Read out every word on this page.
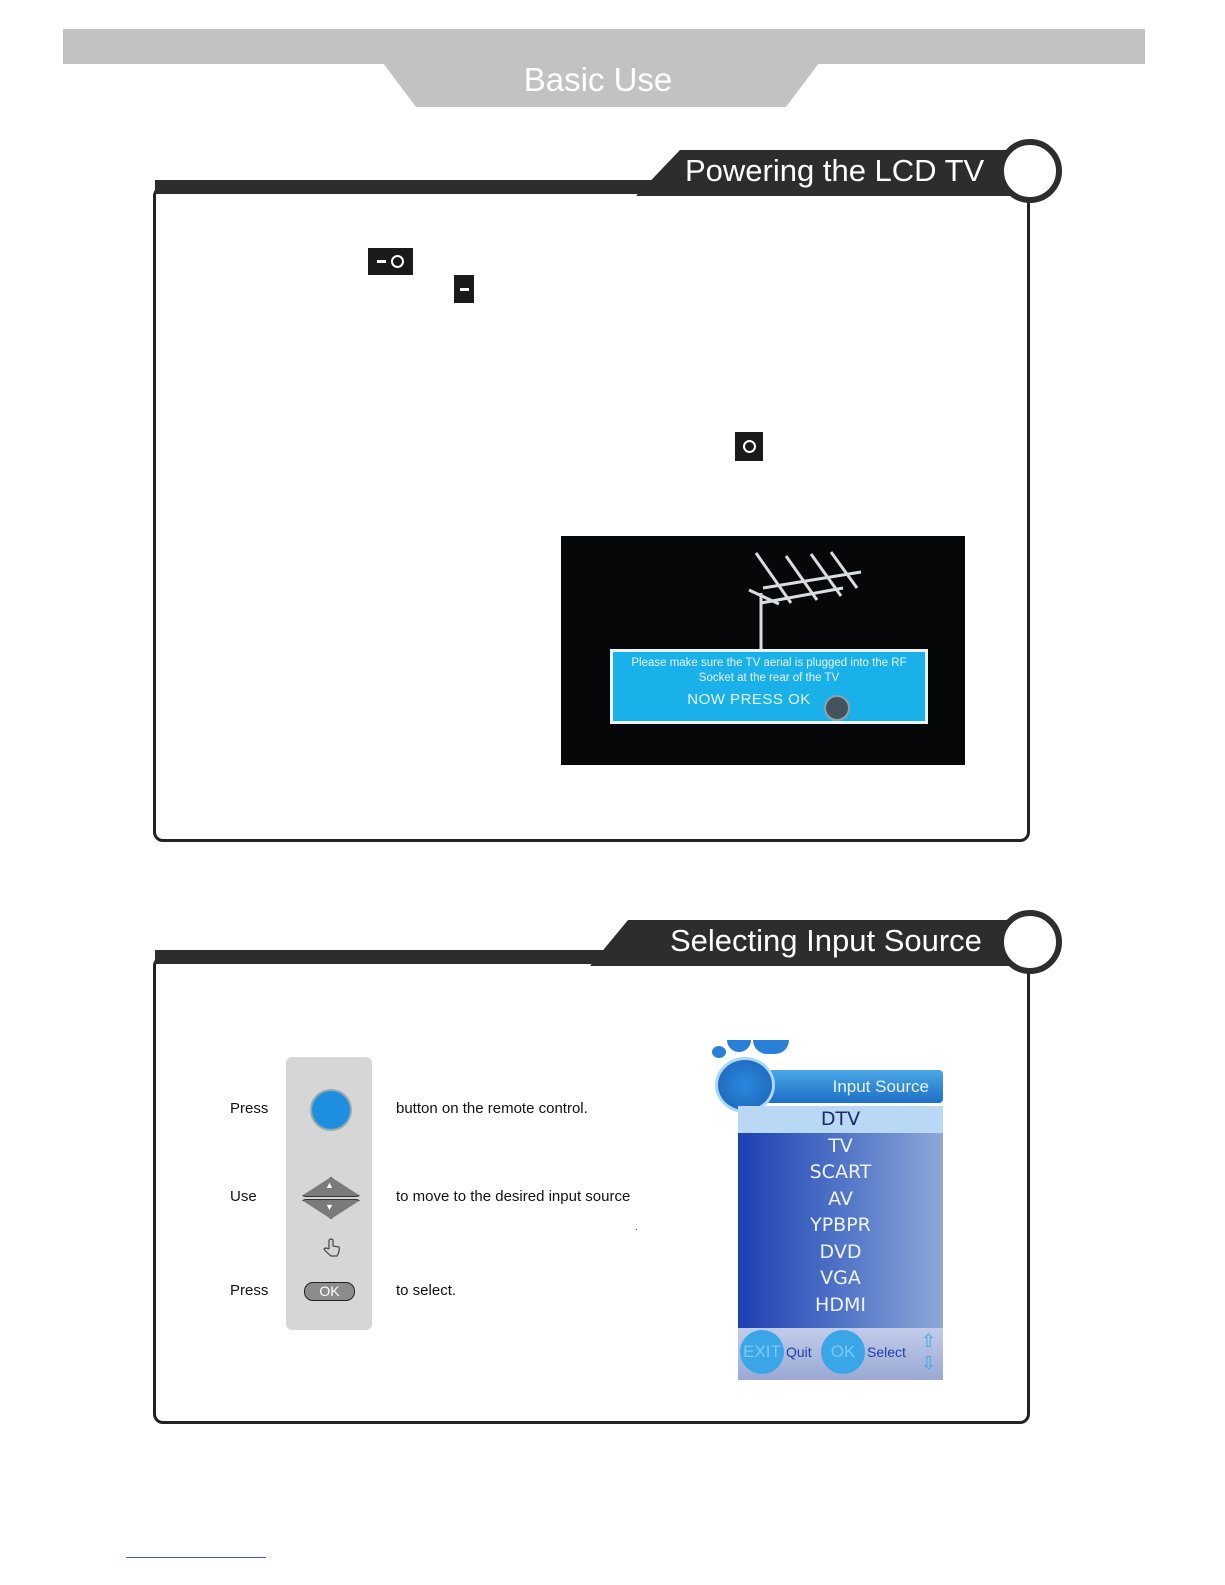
Basic Use
Powering the LCD TV
Please make sure the TV aerial is plugged into the RF
Socket at the rear of the TV
NOW PRESS OK
Selecting Input Source
▲
▼
OK
Press	button on the remote control.
Use	to move to the desired input source
.
Press	to select.
Input Source
DTV
TV
SCART
AV
YPBPR
DVD
VGA
HDMI
EXIT Quit	OK Select
⇧
⇩
